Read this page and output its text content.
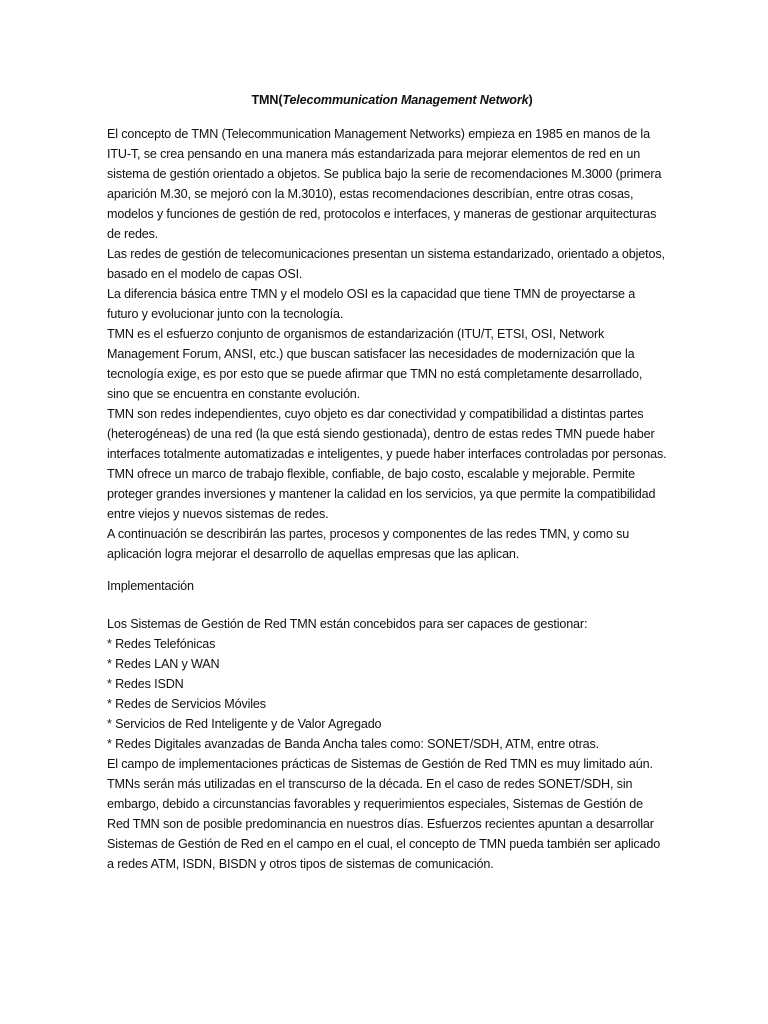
TMN(Telecommunication Management Network)

El concepto de TMN (Telecommunication Management Networks) empieza en 1985 en manos de la ITU-T, se crea pensando en una manera más estandarizada para mejorar elementos de red en un sistema de gestión orientado a objetos. Se publica bajo la serie de recomendaciones M.3000 (primera aparición M.30, se mejoró con la M.3010), estas recomendaciones describían, entre otras cosas, modelos y funciones de gestión de red, protocolos e interfaces, y maneras de gestionar arquitecturas de redes.

Las redes de gestión de telecomunicaciones presentan un sistema estandarizado, orientado a objetos, basado en el modelo de capas OSI.

La diferencia básica entre TMN y el modelo OSI es la capacidad que tiene TMN de proyectarse a futuro y evolucionar junto con la tecnología.

TMN es el esfuerzo conjunto de organismos de estandarización (ITU/T, ETSI, OSI, Network Management Forum, ANSI, etc.) que buscan satisfacer las necesidades de modernización que la tecnología exige, es por esto que se puede afirmar que TMN no está completamente desarrollado, sino que se encuentra en constante evolución.

TMN son redes independientes, cuyo objeto es dar conectividad y compatibilidad a distintas partes (heterogéneas) de una red (la que está siendo gestionada), dentro de estas redes TMN puede haber interfaces totalmente automatizadas e inteligentes, y puede haber interfaces controladas por personas.

TMN ofrece un marco de trabajo flexible, confiable, de bajo costo, escalable y mejorable. Permite proteger grandes inversiones y mantener la calidad en los servicios, ya que permite la compatibilidad entre viejos y nuevos sistemas de redes.

A continuación se describirán las partes, procesos y componentes de las redes TMN, y como su aplicación logra mejorar el desarrollo de aquellas empresas que las aplican.

Implementación

Los Sistemas de Gestión de Red TMN están concebidos para ser capaces de gestionar:

* Redes Telefónicas

* Redes LAN y WAN

* Redes ISDN

* Redes de Servicios Móviles

* Servicios de Red Inteligente y de Valor Agregado

* Redes Digitales avanzadas de Banda Ancha tales como: SONET/SDH, ATM, entre otras.

El campo de implementaciones prácticas de Sistemas de Gestión de Red TMN es muy limitado aún. TMNs serán más utilizadas en el transcurso de la década. En el caso de redes SONET/SDH, sin embargo, debido a circunstancias favorables y requerimientos especiales, Sistemas de Gestión de Red TMN son de posible predominancia en nuestros días. Esfuerzos recientes apuntan a desarrollar Sistemas de Gestión de Red en el campo en el cual, el concepto de TMN pueda también ser aplicado a redes ATM, ISDN, BISDN y otros tipos de sistemas de comunicación.
